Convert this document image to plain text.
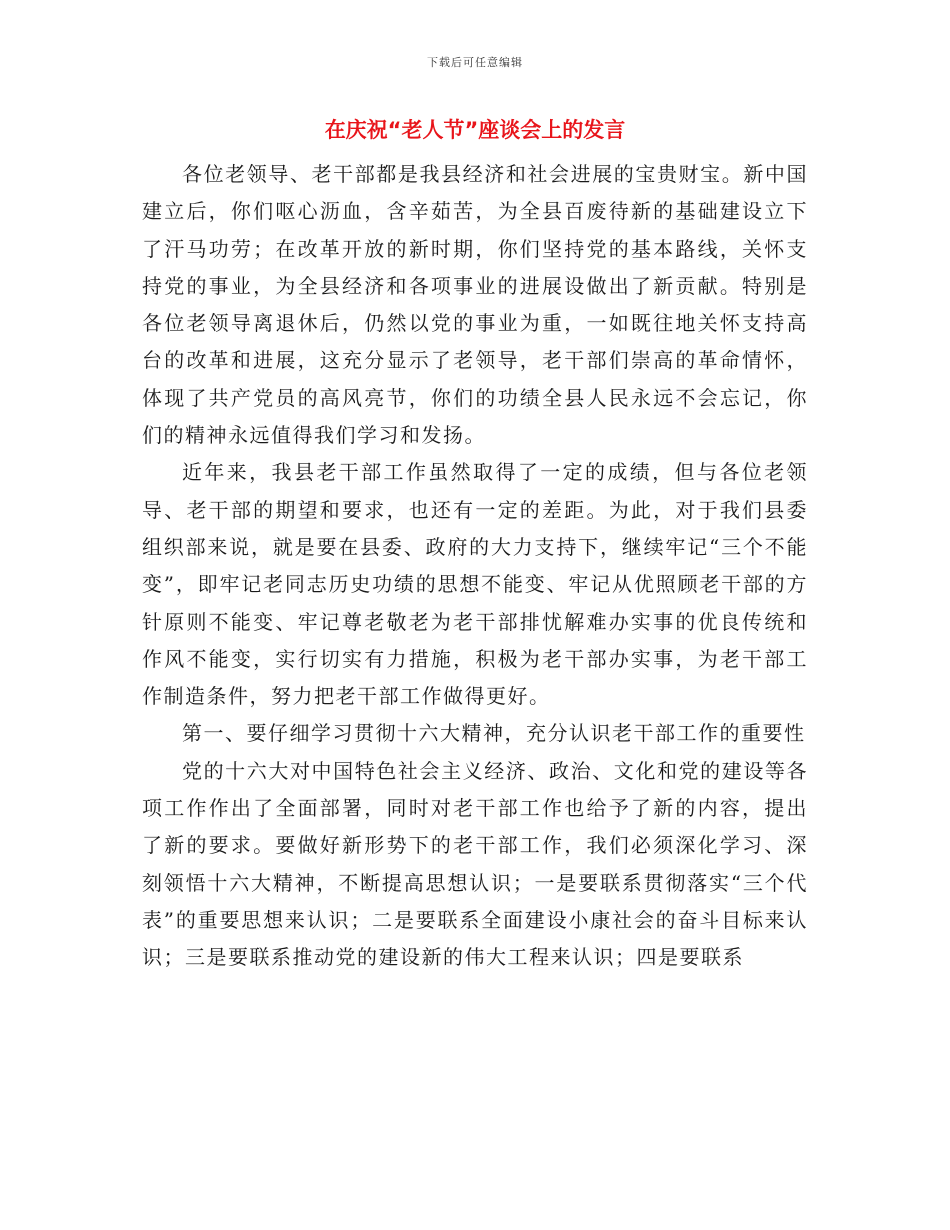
下载后可任意编辑
在庆祝“老人节”座谈会上的发言

各位老领导、老干部都是我县经济和社会进展的宝贵财宝。新中国建立后，你们呕心沥血，含辛茹苦，为全县百废待新的基础建设立下了汗马功劳；在改革开放的新时期，你们坚持党的基本路线，关怀支持党的事业，为全县经济和各项事业的进展设做出了新贡献。特别是各位老领导离退休后，仍然以党的事业为重，一如既往地关怀支持高台的改革和进展，这充分显示了老领导，老干部们崇高的革命情怀，体现了共产党员的高风亮节，你们的功绩全县人民永远不会忘记，你们的精神永远值得我们学习和发扬。

近年来，我县老干部工作虽然取得了一定的成绩，但与各位老领导、老干部的期望和要求，也还有一定的差距。为此，对于我们县委组织部来说，就是要在县委、政府的大力支持下，继续牢记“三个不能变”，即牢记老同志历史功绩的思想不能变、牢记从优照顾老干部的方针原则不能变、牢记尊老敬老为老干部排忧解难办实事的优良传统和作风不能变，实行切实有力措施，积极为老干部办实事，为老干部工作制造条件，努力把老干部工作做得更好。

第一、要仔细学习贯彻十六大精神，充分认识老干部工作的重要性

党的十六大对中国特色社会主义经济、政治、文化和党的建设等各项工作作出了全面部署，同时对老干部工作也给予了新的内容，提出了新的要求。要做好新形势下的老干部工作，我们必须深化学习、深刻领悟十六大精神，不断提高思想认识；一是要联系贯彻落实“三个代表”的重要思想来认识；二是要联系全面建设小康社会的奋斗目标来认识；三是要联系推动党的建设新的伟大工程来认识；四是要联系
